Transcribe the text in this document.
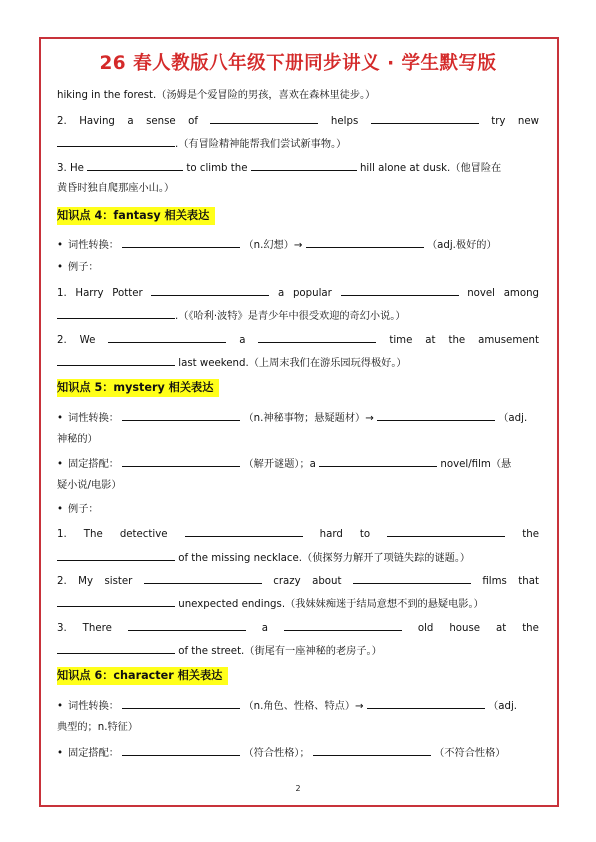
26 春人教版八年级下册同步讲义 · 学生默写版
hiking in the forest.（汤姆是个爱冒险的男孩，喜欢在森林里徒步。）
2. Having a sense of	helps	try new
.（有冒险精神能帮我们尝试新事物。）
3. He	to climb the	hill alone at dusk.（他冒险在
黄昏时独自爬那座小山。）
知识点 4：fantasy 相关表达
• 词性转换：	（n.幻想）→	（adj.极好的）
• 例子：
1. Harry Potter	a popular	novel among
.（《哈利·波特》是青少年中很受欢迎的奇幻小说。）
2. We	a	time at the amusement
last weekend.（上周末我们在游乐园玩得极好。）
知识点 5：mystery 相关表达
• 词性转换：	（n.神秘事物；悬疑题材）→	（adj.
神秘的）
• 固定搭配：	（解开谜题）；a	novel/film（悬
疑小说/电影）
• 例子：
1. The detective	hard to	the
of the missing necklace.（侦探努力解开了项链失踪的谜题。）
2. My sister	crazy about	films that
unexpected endings.（我妹妹痴迷于结局意想不到的悬疑电影。）
3. There	a	old house at the
of the street.（街尾有一座神秘的老房子。）
知识点 6：character 相关表达
• 词性转换：	（n.角色、性格、特点）→	（adj.
典型的；n.特征）
• 固定搭配：	（符合性格）；	（不符合性格）
2
